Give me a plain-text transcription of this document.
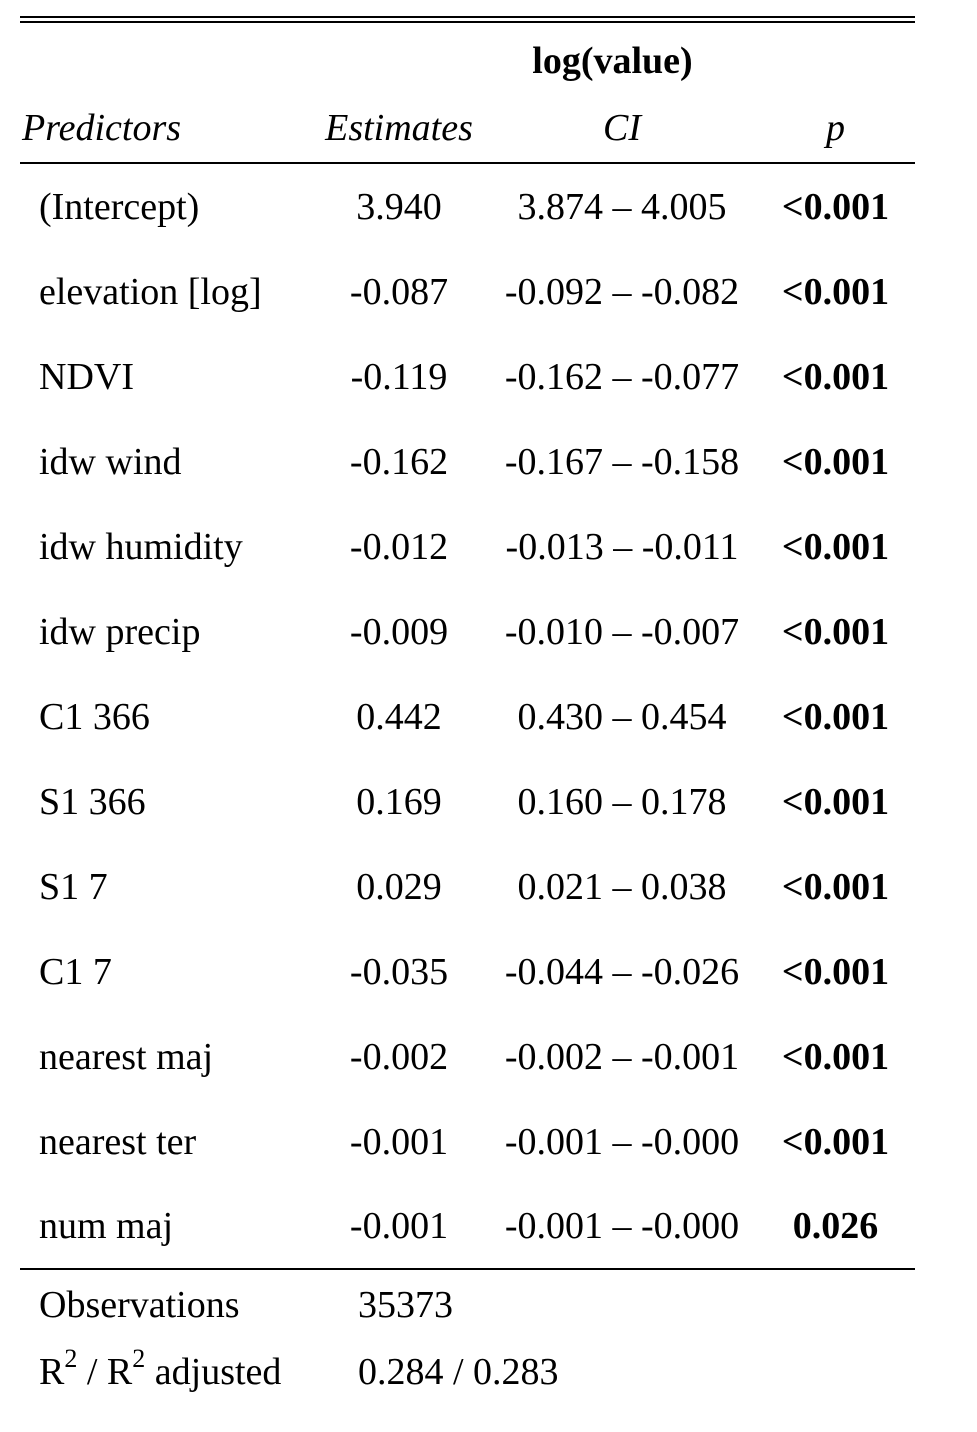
	log(value)		
Predictors	Estimates	CI	p
(Intercept)	3.940	3.874 – 4.005	<0.001
elevation [log]	-0.087	-0.092 – -0.082	<0.001
NDVI	-0.119	-0.162 – -0.077	<0.001
idw wind	-0.162	-0.167 – -0.158	<0.001
idw humidity	-0.012	-0.013 – -0.011	<0.001
idw precip	-0.009	-0.010 – -0.007	<0.001
C1 366	0.442	0.430 – 0.454	<0.001
S1 366	0.169	0.160 – 0.178	<0.001
S1 7	0.029	0.021 – 0.038	<0.001
C1 7	-0.035	-0.044 – -0.026	<0.001
nearest maj	-0.002	-0.002 – -0.001	<0.001
nearest ter	-0.001	-0.001 – -0.000	<0.001
num maj	-0.001	-0.001 – -0.000	0.026
Observations	35373		
$R^2 / R^2$ adjusted	0.284 / 0.283		
